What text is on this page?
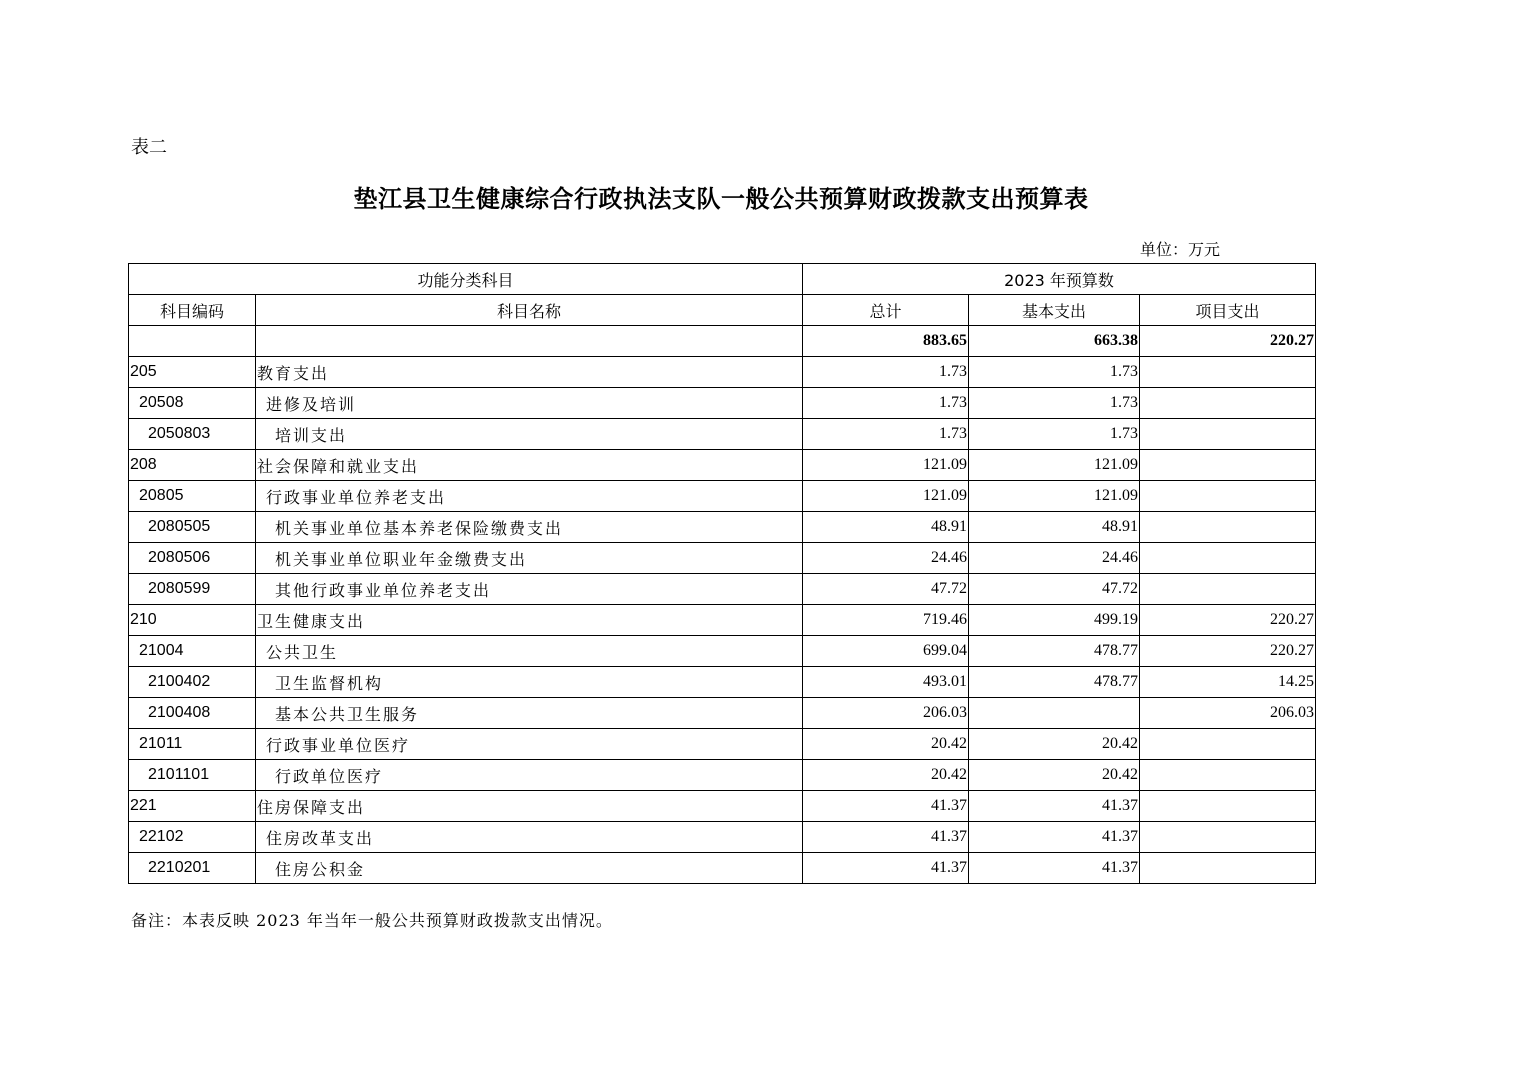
表二
垫江县卫生健康综合行政执法支队一般公共预算财政拨款支出预算表
单位：万元
功能分类科目		2023 年预算数		
科目编码	科目名称	总计	基本支出	项目支出
		883.65	663.38	220.27
205	教育支出	1.73	1.73	
20508	进修及培训	1.73	1.73	
2050803	培训支出	1.73	1.73	
208	社会保障和就业支出	121.09	121.09	
20805	行政事业单位养老支出	121.09	121.09	
2080505	机关事业单位基本养老保险缴费支出	48.91	48.91	
2080506	机关事业单位职业年金缴费支出	24.46	24.46	
2080599	其他行政事业单位养老支出	47.72	47.72	
210	卫生健康支出	719.46	499.19	220.27
21004	公共卫生	699.04	478.77	220.27
2100402	卫生监督机构	493.01	478.77	14.25
2100408	基本公共卫生服务	206.03		206.03
21011	行政事业单位医疗	20.42	20.42	
2101101	行政单位医疗	20.42	20.42	
221	住房保障支出	41.37	41.37	
22102	住房改革支出	41.37	41.37	
2210201	住房公积金	41.37	41.37	
备注：本表反映 2023 年当年一般公共预算财政拨款支出情况。
